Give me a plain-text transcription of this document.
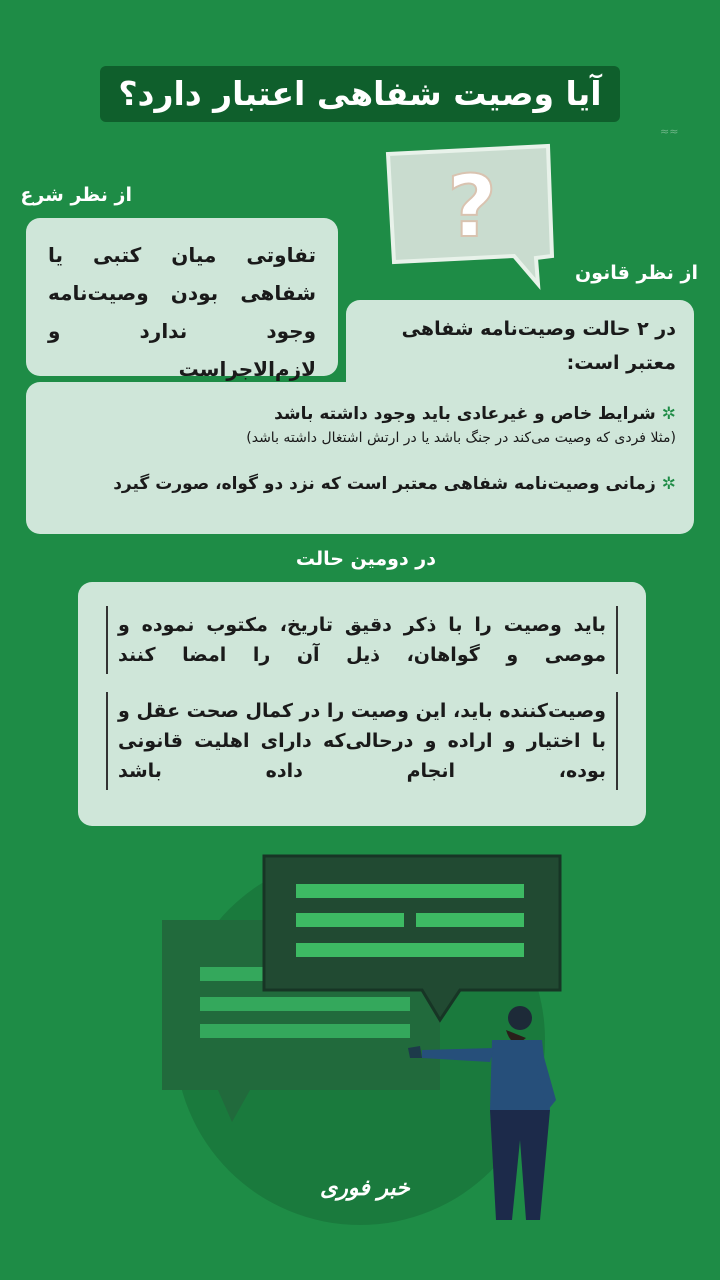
≈≈
آیا وصیت شفاهی اعتبار دارد؟
?
از نظر شرع
تفاوتی میان کتبی یا شفاهی بودن وصیت‌نامه وجود ندارد و لازم‌الاجراست
از نظر قانون
در ۲ حالت وصیت‌نامه شفاهی معتبر است:
✲شرایط خاص و غیرعادی باید وجود داشته باشد
(مثلا فردی که وصیت می‌کند در جنگ باشد یا در ارتش اشتغال داشته باشد)
✲زمانی وصیت‌نامه شفاهی معتبر است که نزد دو گواه، صورت گیرد
در دومین حالت
باید وصیت را با ذکر دقیق تاریخ، مکتوب نموده و موصی و گواهان، ذیل آن را امضا کنند
وصیت‌کننده باید، این وصیت را در کمال صحت عقل و با اختیار و اراده و درحالی‌که دارای اهلیت قانونی بوده، انجام داده باشد
خبر فوری
